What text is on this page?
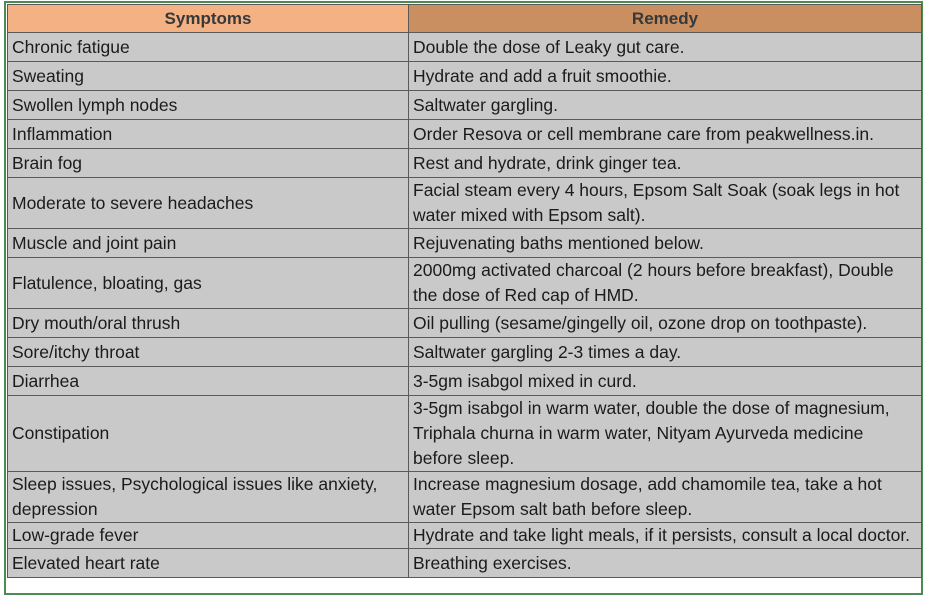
Symptoms	Remedy
Chronic fatigue	Double the dose of Leaky gut care.
Sweating	Hydrate and add a fruit smoothie.
Swollen lymph nodes	Saltwater gargling.
Inflammation	Order Resova or cell membrane care from peakwellness.in.
Brain fog	Rest and hydrate, drink ginger tea.
Moderate to severe headaches	Facial steam every 4 hours, Epsom Salt Soak (soak legs in hot water mixed with Epsom salt).
Muscle and joint pain	Rejuvenating baths mentioned below.
Flatulence, bloating, gas	2000mg activated charcoal (2 hours before breakfast), Double the dose of Red cap of HMD.
Dry mouth/oral thrush	Oil pulling (sesame/gingelly oil, ozone drop on toothpaste).
Sore/itchy throat	Saltwater gargling 2-3 times a day.
Diarrhea	3-5gm isabgol mixed in curd.
Constipation	3-5gm isabgol in warm water, double the dose of magnesium, Triphala churna in warm water, Nityam Ayurveda medicine before sleep.
Sleep issues, Psychological issues like anxiety, depression	Increase magnesium dosage, add chamomile tea, take a hot water Epsom salt bath before sleep.
Low-grade fever	Hydrate and take light meals, if it persists, consult a local doctor.
Elevated heart rate	Breathing exercises.
